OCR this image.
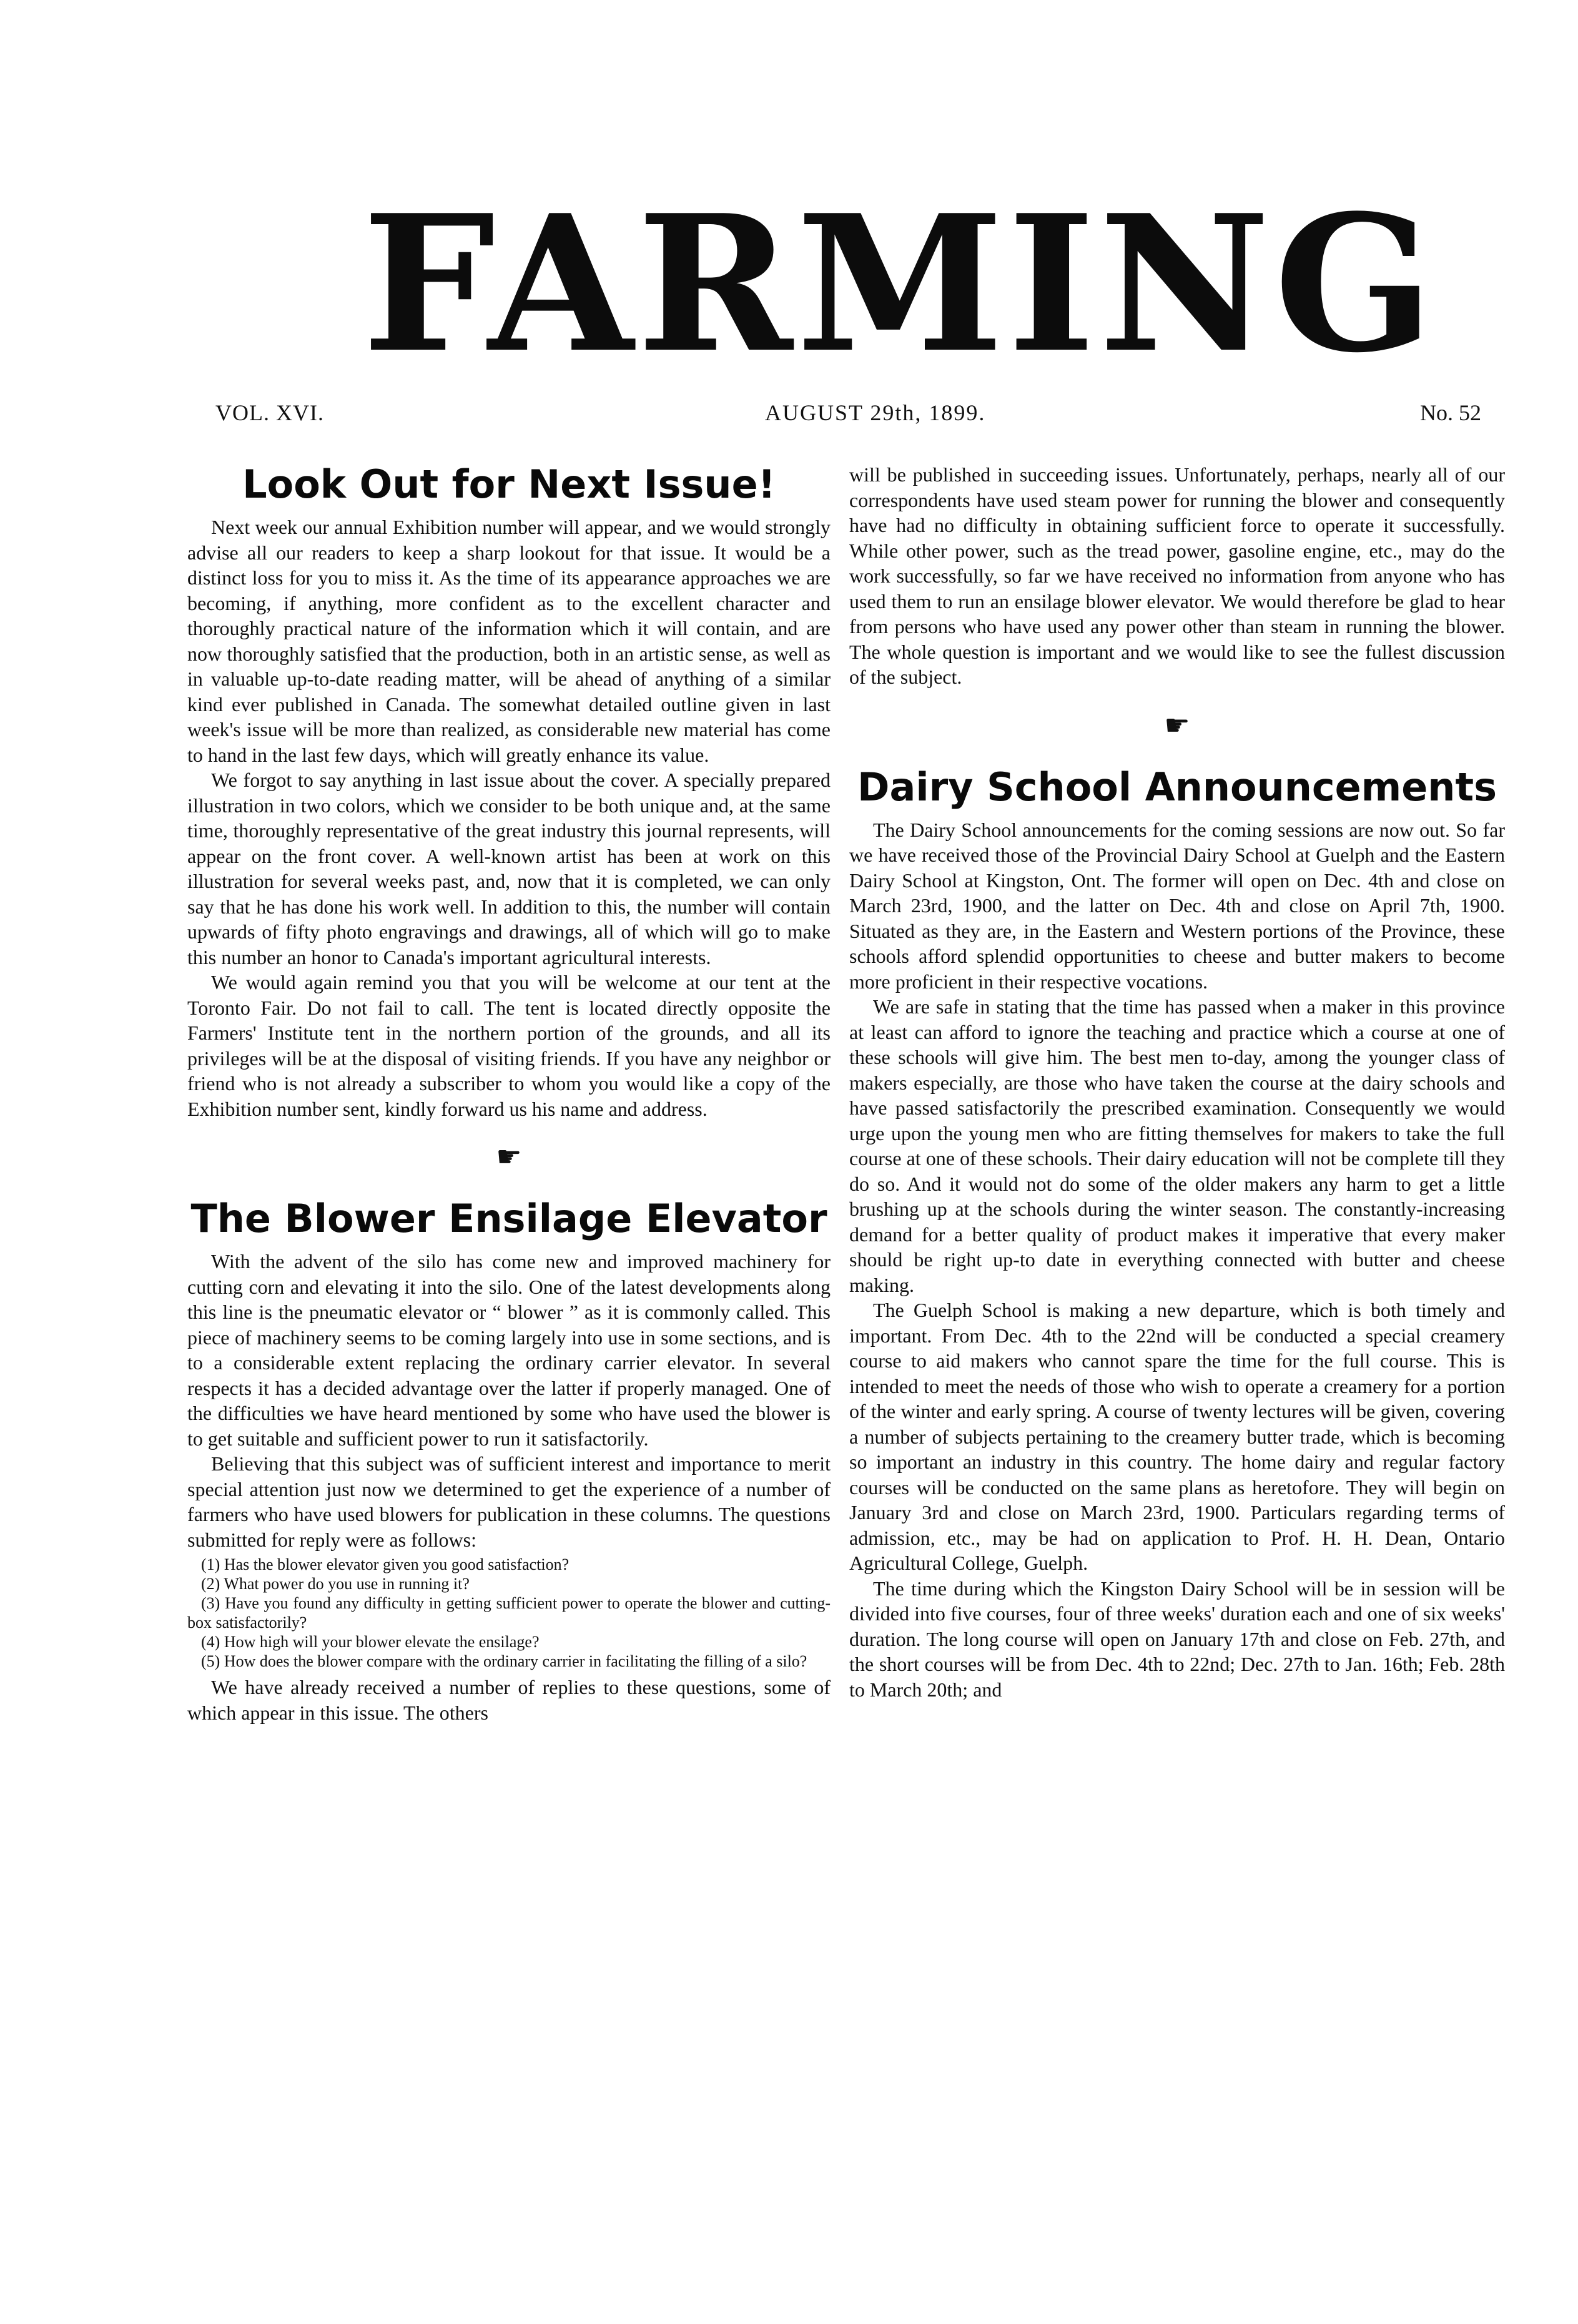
FARMING
VOL. XVI.	AUGUST 29th, 1899.	No. 52
Look Out for Next Issue!

Next week our annual Exhibition number will appear, and we would strongly advise all our readers to keep a sharp lookout for that issue. It would be a distinct loss for you to miss it. As the time of its appearance approaches we are becoming, if anything, more confident as to the excellent character and thoroughly practical nature of the information which it will contain, and are now thoroughly satisfied that the production, both in an artistic sense, as well as in valuable up-to-date reading matter, will be ahead of anything of a similar kind ever published in Canada. The somewhat detailed outline given in last week's issue will be more than realized, as considerable new material has come to hand in the last few days, which will greatly enhance its value.

We forgot to say anything in last issue about the cover. A specially prepared illustration in two colors, which we consider to be both unique and, at the same time, thoroughly representative of the great industry this journal represents, will appear on the front cover. A well-known artist has been at work on this illustration for several weeks past, and, now that it is completed, we can only say that he has done his work well. In addition to this, the number will contain upwards of fifty photo engravings and drawings, all of which will go to make this number an honor to Canada's important agricultural interests.

We would again remind you that you will be welcome at our tent at the Toronto Fair. Do not fail to call. The tent is located directly opposite the Farmers' Institute tent in the northern portion of the grounds, and all its privileges will be at the disposal of visiting friends. If you have any neighbor or friend who is not already a subscriber to whom you would like a copy of the Exhibition number sent, kindly forward us his name and address.

☛
The Blower Ensilage Elevator

With the advent of the silo has come new and improved machinery for cutting corn and elevating it into the silo. One of the latest developments along this line is the pneumatic elevator or “ blower ” as it is commonly called. This piece of machinery seems to be coming largely into use in some sections, and is to a considerable extent replacing the ordinary carrier elevator. In several respects it has a decided advantage over the latter if properly managed. One of the difficulties we have heard mentioned by some who have used the blower is to get suitable and sufficient power to run it satisfactorily.

Believing that this subject was of sufficient interest and importance to merit special attention just now we determined to get the experience of a number of farmers who have used blowers for publication in these columns. The questions submitted for reply were as follows:

(1) Has the blower elevator given you good satisfaction?
(2) What power do you use in running it?
(3) Have you found any difficulty in getting sufficient power to operate the blower and cutting-box satisfactorily?
(4) How high will your blower elevate the ensilage?
(5) How does the blower compare with the ordinary carrier in facilitating the filling of a silo?

We have already received a number of replies to these questions, some of which appear in this issue. The others

will be published in succeeding issues. Unfortunately, perhaps, nearly all of our correspondents have used steam power for running the blower and consequently have had no difficulty in obtaining sufficient force to operate it successfully. While other power, such as the tread power, gasoline engine, etc., may do the work successfully, so far we have received no information from anyone who has used them to run an ensilage blower elevator. We would therefore be glad to hear from persons who have used any power other than steam in running the blower. The whole question is important and we would like to see the fullest discussion of the subject.

☛
Dairy School Announcements

The Dairy School announcements for the coming sessions are now out. So far we have received those of the Provincial Dairy School at Guelph and the Eastern Dairy School at Kingston, Ont. The former will open on Dec. 4th and close on March 23rd, 1900, and the latter on Dec. 4th and close on April 7th, 1900. Situated as they are, in the Eastern and Western portions of the Province, these schools afford splendid opportunities to cheese and butter makers to become more proficient in their respective vocations.

We are safe in stating that the time has passed when a maker in this province at least can afford to ignore the teaching and practice which a course at one of these schools will give him. The best men to-day, among the younger class of makers especially, are those who have taken the course at the dairy schools and have passed satisfactorily the prescribed examination. Consequently we would urge upon the young men who are fitting themselves for makers to take the full course at one of these schools. Their dairy education will not be complete till they do so. And it would not do some of the older makers any harm to get a little brushing up at the schools during the winter season. The constantly-increasing demand for a better quality of product makes it imperative that every maker should be right up-to date in everything connected with butter and cheese making.

The Guelph School is making a new departure, which is both timely and important. From Dec. 4th to the 22nd will be conducted a special creamery course to aid makers who cannot spare the time for the full course. This is intended to meet the needs of those who wish to operate a creamery for a portion of the winter and early spring. A course of twenty lectures will be given, covering a number of subjects pertaining to the creamery butter trade, which is becoming so important an industry in this country. The home dairy and regular factory courses will be conducted on the same plans as heretofore. They will begin on January 3rd and close on March 23rd, 1900. Particulars regarding terms of admission, etc., may be had on application to Prof. H. H. Dean, Ontario Agricultural College, Guelph.

The time during which the Kingston Dairy School will be in session will be divided into five courses, four of three weeks' duration each and one of six weeks' duration. The long course will open on January 17th and close on Feb. 27th, and the short courses will be from Dec. 4th to 22nd; Dec. 27th to Jan. 16th; Feb. 28th to March 20th; and
